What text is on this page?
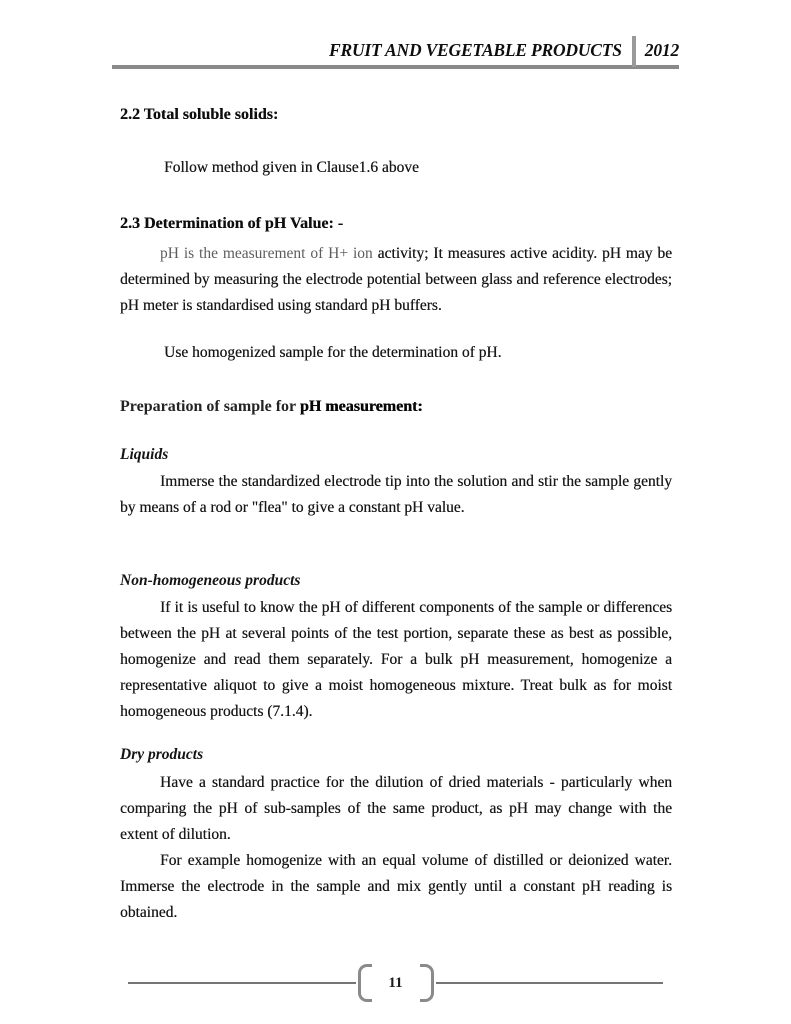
FRUIT AND VEGETABLE PRODUCTS 2012
2.2 Total soluble solids:
Follow method given in Clause1.6 above
2.3 Determination of pH Value: -
pH is the measurement of H+ ion activity; It measures active acidity. pH may be determined by measuring the electrode potential between glass and reference electrodes; pH meter is standardised using standard pH buffers.
Use homogenized sample for the determination of pH.
Preparation of sample for pH measurement:
Liquids
Immerse the standardized electrode tip into the solution and stir the sample gently by means of a rod or "flea" to give a constant pH value.
Non-homogeneous products
If it is useful to know the pH of different components of the sample or differences between the pH at several points of the test portion, separate these as best as possible, homogenize and read them separately. For a bulk pH measurement, homogenize a representative aliquot to give a moist homogeneous mixture. Treat bulk as for moist homogeneous products (7.1.4).
Dry products
Have a standard practice for the dilution of dried materials - particularly when comparing the pH of sub-samples of the same product, as pH may change with the extent of dilution.
For example homogenize with an equal volume of distilled or deionized water. Immerse the electrode in the sample and mix gently until a constant pH reading is obtained.
11
